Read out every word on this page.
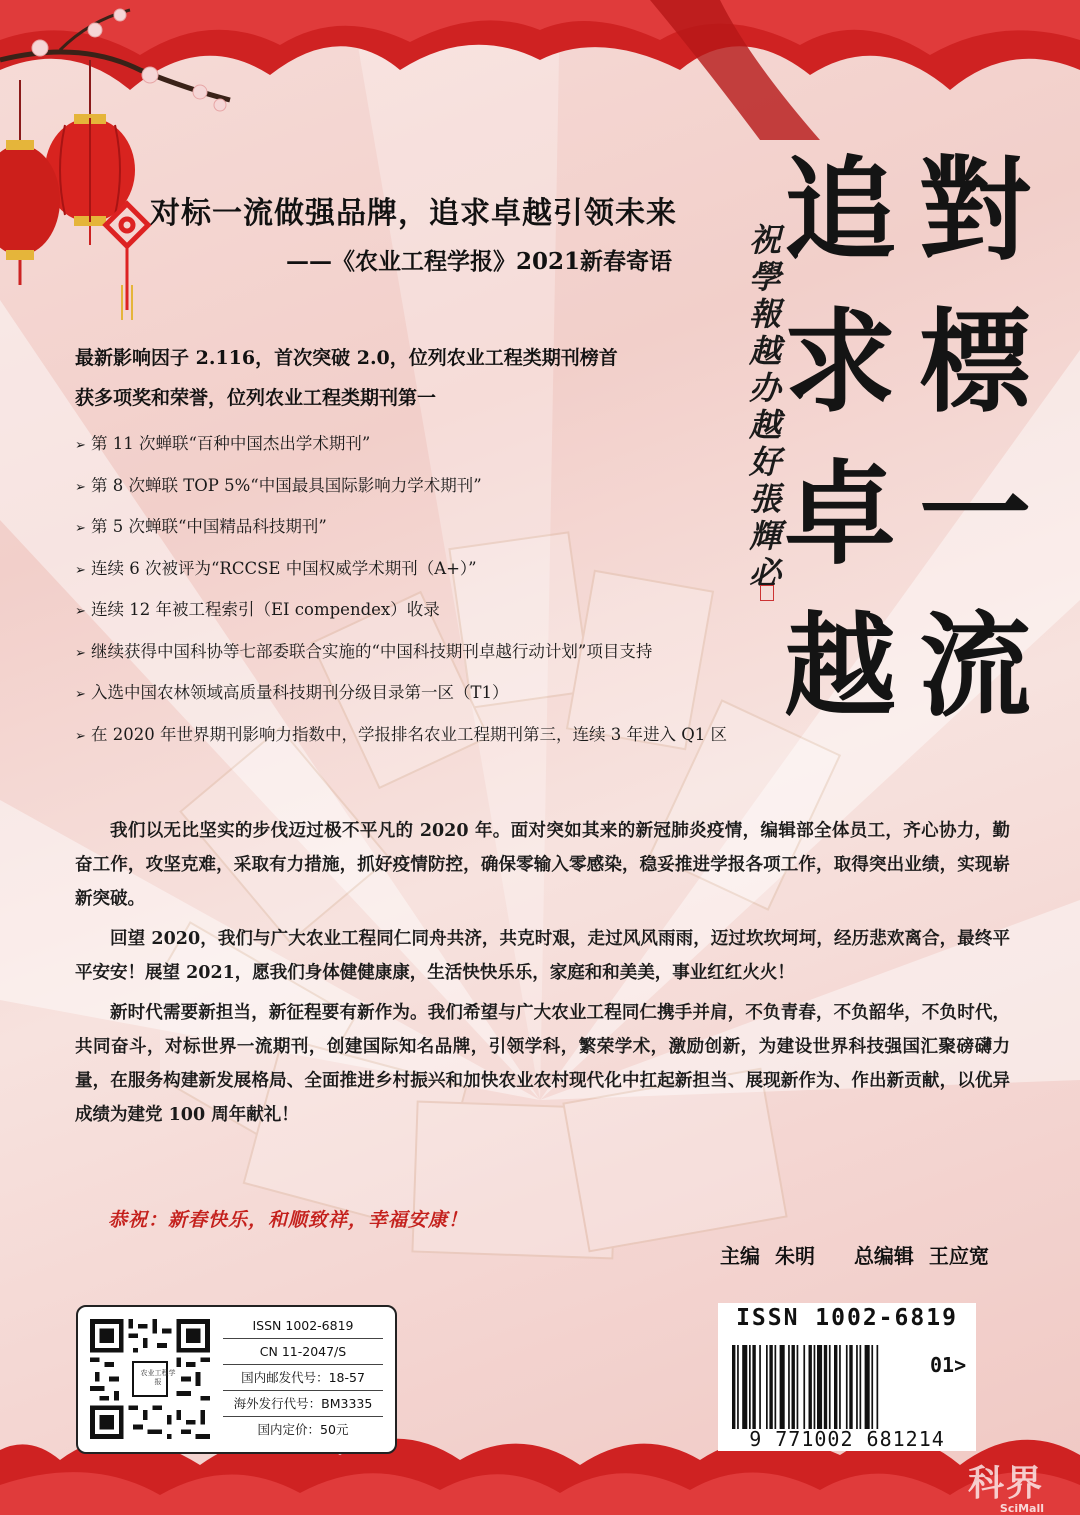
对标一流做强品牌，追求卓越引领未来
——《农业工程学报》2021新春寄语
最新影响因子 2.116，首次突破 2.0，位列农业工程类期刊榜首
获多项奖和荣誉，位列农业工程类期刊第一
➢ 第 11 次蝉联“百种中国杰出学术期刊”
➢ 第 8 次蝉联 TOP 5%“中国最具国际影响力学术期刊”
➢ 第 5 次蝉联“中国精品科技期刊”
➢ 连续 6 次被评为“RCCSE 中国权威学术期刊（A+）”
➢ 连续 12 年被工程索引（EI compendex）收录
➢ 继续获得中国科协等七部委联合实施的“中国科技期刊卓越行动计划”项目支持
➢ 入选中国农林领域高质量科技期刊分级目录第一区（T1）
➢ 在 2020 年世界期刊影响力指数中，学报排名农业工程期刊第三，连续 3 年进入 Q1 区
對
標
一
流
追
求
卓
越
祝
學
報
越
办
越
好
張
輝
必

我们以无比坚实的步伐迈过极不平凡的 2020 年。面对突如其来的新冠肺炎疫情，编辑部全体员工，齐心协力，勤奋工作，攻坚克难，采取有力措施，抓好疫情防控，确保零输入零感染，稳妥推进学报各项工作，取得突出业绩，实现崭新突破。

回望 2020，我们与广大农业工程同仁同舟共济，共克时艰，走过风风雨雨，迈过坎坎坷坷，经历悲欢离合，最终平平安安！展望 2021，愿我们身体健健康康，生活快快乐乐，家庭和和美美，事业红红火火！

新时代需要新担当，新征程要有新作为。我们希望与广大农业工程同仁携手并肩，不负青春，不负韶华，不负时代，共同奋斗，对标世界一流期刊，创建国际知名品牌，引领学科，繁荣学术，激励创新，为建设世界科技强国汇聚磅礴力量，在服务构建新发展格局、全面推进乡村振兴和加快农业农村现代化中扛起新担当、展现新作为、作出新贡献，以优异成绩为建党 100 周年献礼！

恭祝：新春快乐，和顺致祥，幸福安康！
主编 朱明 总编辑 王应宽
农业工程学报
ISSN 1002-6819
CN 11-2047/S
国内邮发代号：18-57
海外发行代号：BM3335
国内定价：50元
ISSN 1002-6819
01>
9 771002 681214
科界
SciMall
